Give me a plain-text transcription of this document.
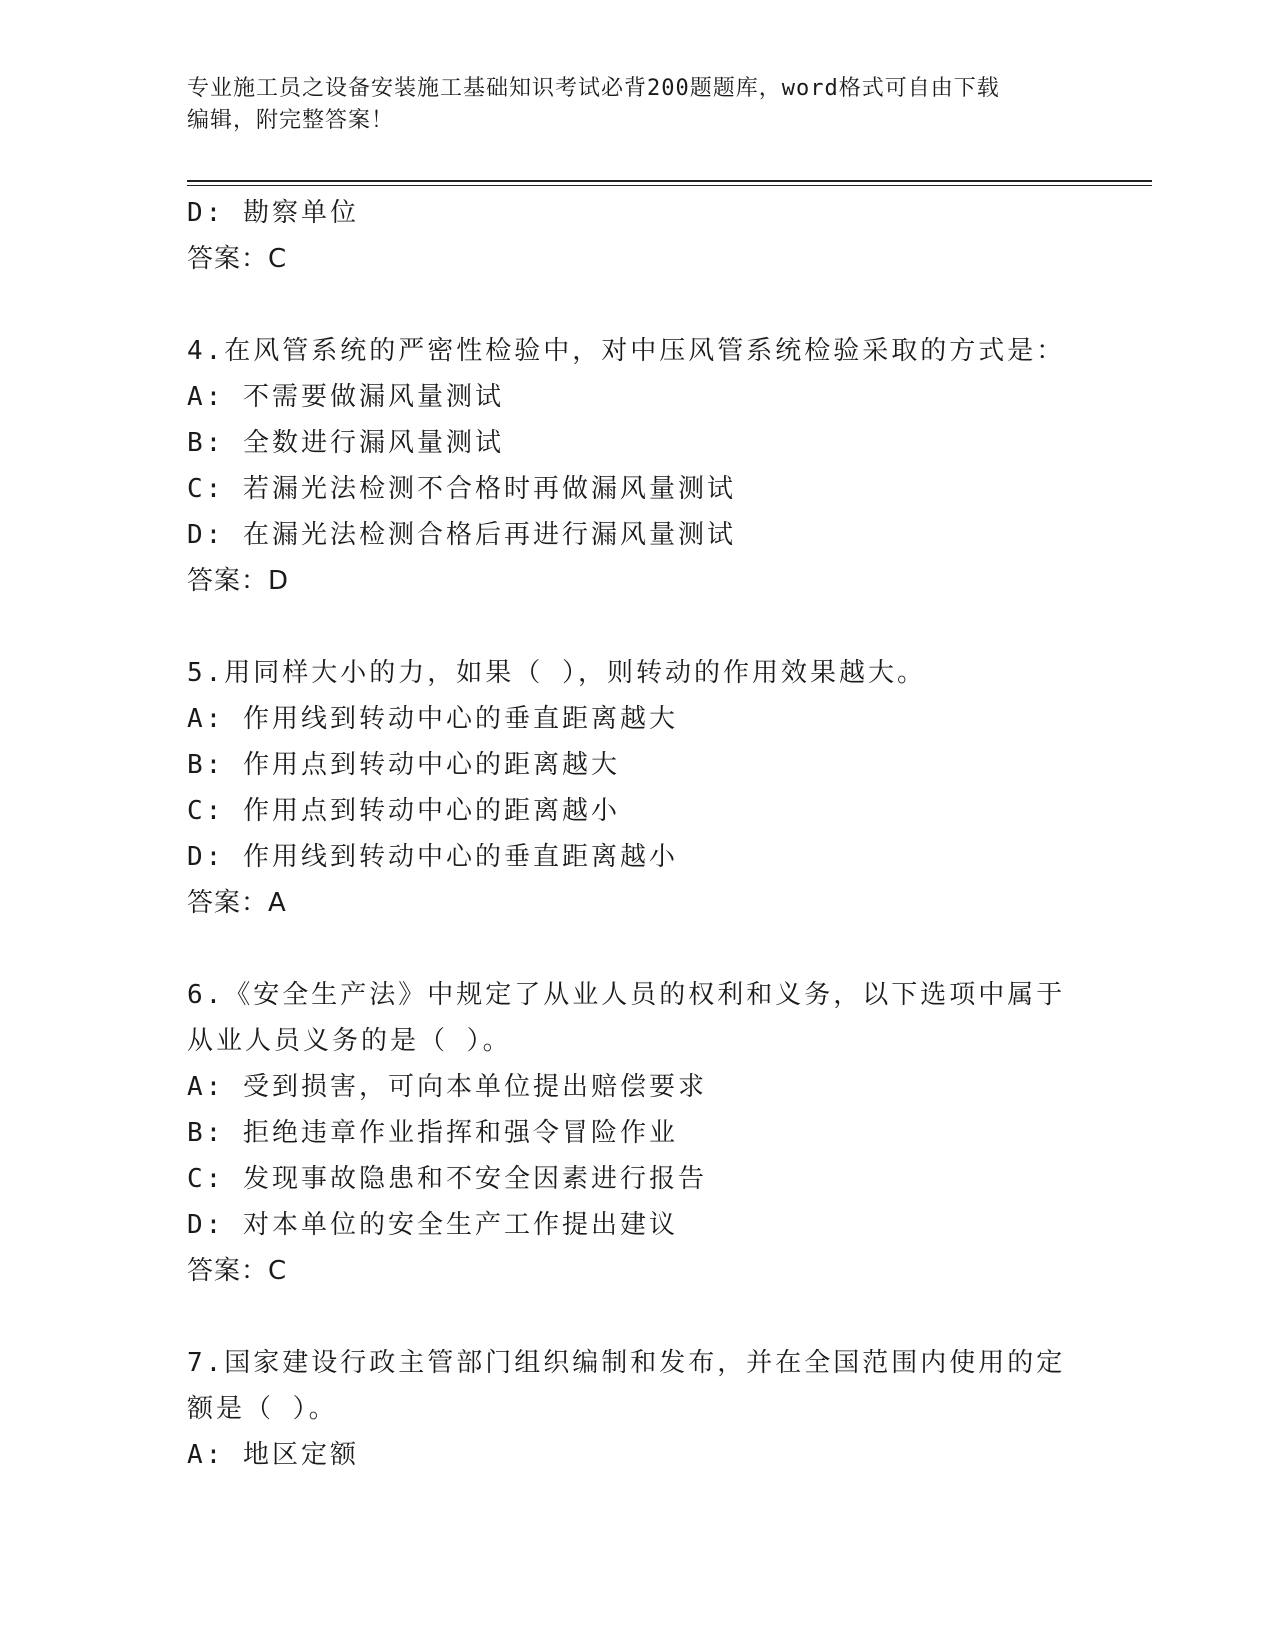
专业施工员之设备安装施工基础知识考试必背200题题库，word格式可自由下载
编辑，附完整答案！
D: 勘察单位
答案：C
4.在风管系统的严密性检验中，对中压风管系统检验采取的方式是：
A: 不需要做漏风量测试
B: 全数进行漏风量测试
C: 若漏光法检测不合格时再做漏风量测试
D: 在漏光法检测合格后再进行漏风量测试
答案：D
5.用同样大小的力，如果（ ），则转动的作用效果越大。
A: 作用线到转动中心的垂直距离越大
B: 作用点到转动中心的距离越大
C: 作用点到转动中心的距离越小
D: 作用线到转动中心的垂直距离越小
答案：A
6.《安全生产法》中规定了从业人员的权利和义务，以下选项中属于
从业人员义务的是（ ）。
A: 受到损害，可向本单位提出赔偿要求
B: 拒绝违章作业指挥和强令冒险作业
C: 发现事故隐患和不安全因素进行报告
D: 对本单位的安全生产工作提出建议
答案：C
7.国家建设行政主管部门组织编制和发布，并在全国范围内使用的定
额是（ ）。
A: 地区定额
